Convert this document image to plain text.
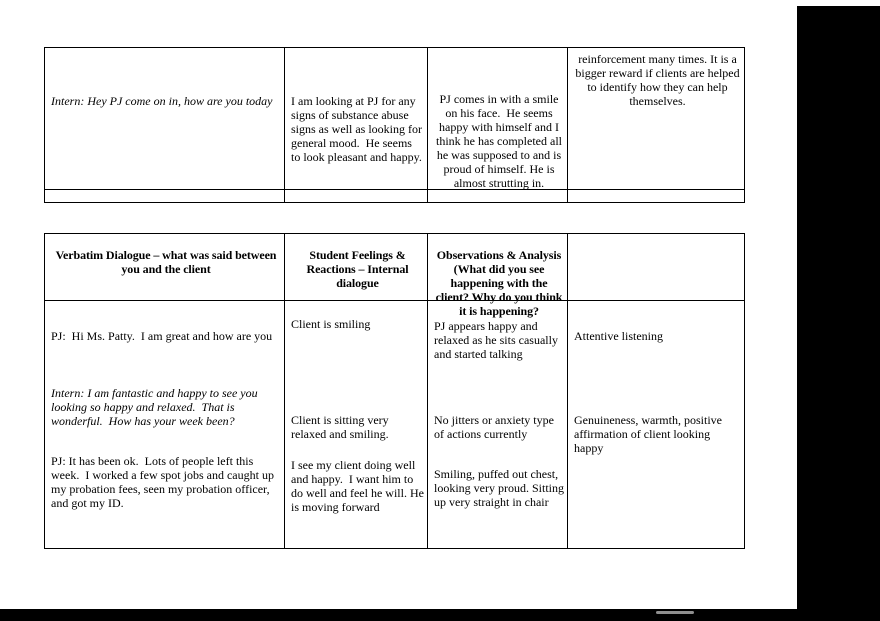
Intern: Hey PJ come on in, how are you today	I am looking at PJ for any signs of substance abuse signs as well as looking for general mood.  He seems to look pleasant and happy.
PJ comes in with a smile on his face.  He seems happy with himself and I think he has completed all he was supposed to and is proud of himself. He is almost strutting in.
reinforcement many times. It is a bigger reward if clients are helped to identify how they can help themselves.
Verbatim Dialogue – what was said between you and the client
Student Feelings & Reactions – Internal dialogue
Observations & Analysis (What did you see happening with the client? Why do you think it is happening?
PJ:  Hi Ms. Patty.  I am great and how are you
Intern: I am fantastic and happy to see you looking so happy and relaxed.  That is wonderful.  How has your week been?
PJ: It has been ok.  Lots of people left this week.  I worked a few spot jobs and caught up my probation fees, seen my probation officer, and got my ID.
Client is smiling
Client is sitting very relaxed and smiling.
I see my client doing well and happy.  I want him to do well and feel he will. He is moving forward
PJ appears happy and relaxed as he sits casually and started talking
No jitters or anxiety type of actions currently
Smiling, puffed out chest, looking very proud. Sitting up very straight in chair
Attentive listening
Genuineness, warmth, positive affirmation of client looking happy
